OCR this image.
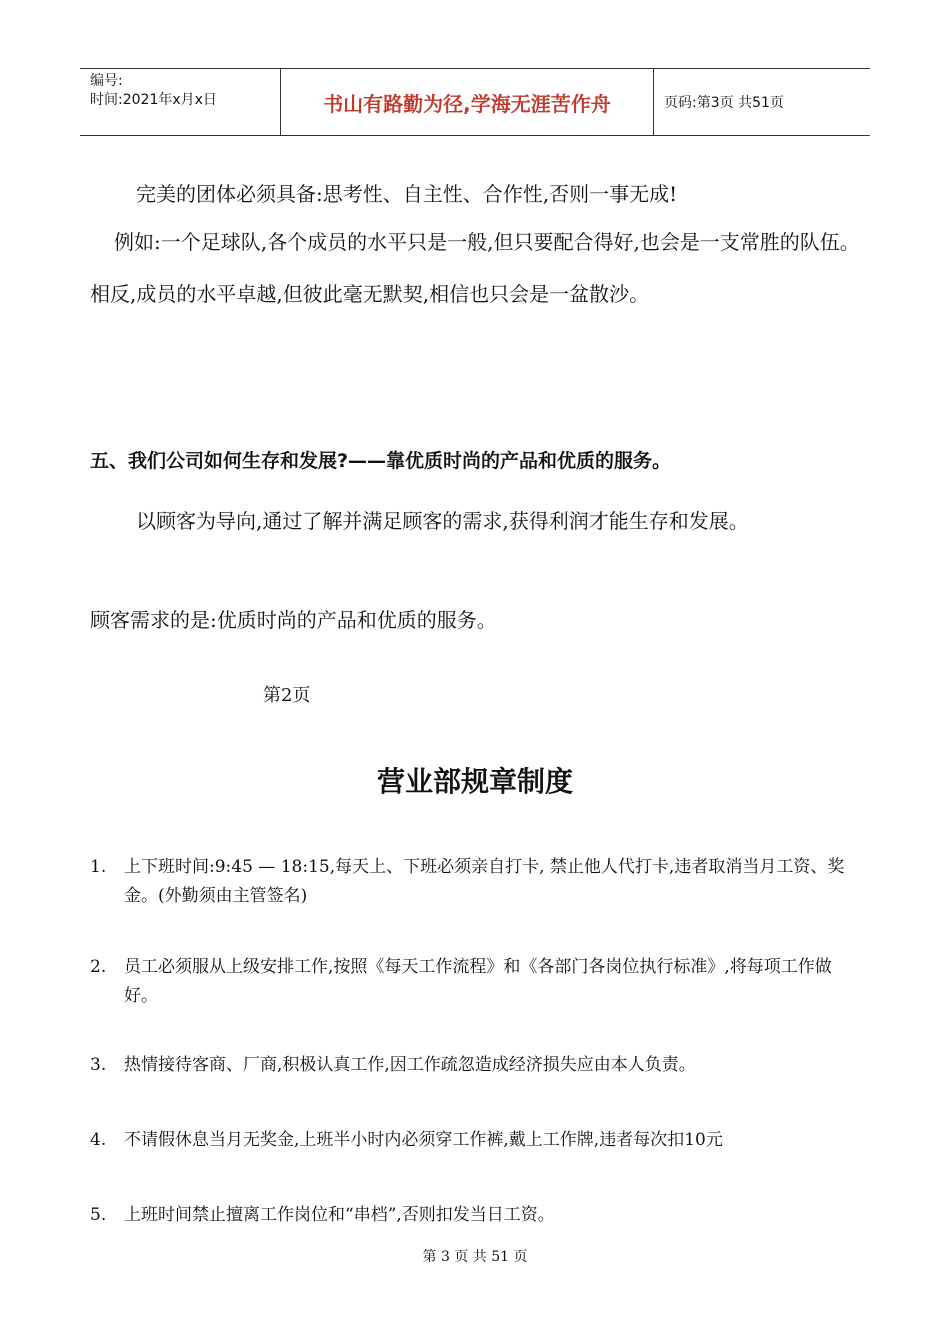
编号:
时间:2021年x月x日	书山有路勤为径,学海无涯苦作舟	页码:第3页 共51页

完美的团体必须具备:思考性、自主性、合作性,否则一事无成!

例如:一个足球队,各个成员的水平只是一般,但只要配合得好,也会是一支常胜的队伍。相反,成员的水平卓越,但彼此毫无默契,相信也只会是一盆散沙。

五、我们公司如何生存和发展?——靠优质时尚的产品和优质的服务。

以顾客为导向,通过了解并满足顾客的需求,获得利润才能生存和发展。

顾客需求的是:优质时尚的产品和优质的服务。

第2页
营业部规章制度
1.	上下班时间:9:45 — 18:15,每天上、下班必须亲自打卡, 禁止他人代打卡,违者取消当月工资、奖金。(外勤须由主管签名)
2.	员工必须服从上级安排工作,按照《每天工作流程》和《各部门各岗位执行标准》,将每项工作做好。
3.	热情接待客商、厂商,积极认真工作,因工作疏忽造成经济损失应由本人负责。
4.	不请假休息当月无奖金,上班半小时内必须穿工作裤,戴上工作牌,违者每次扣10元
5.	上班时间禁止擅离工作岗位和“串档”,否则扣发当日工资。
第 3 页 共 51 页
